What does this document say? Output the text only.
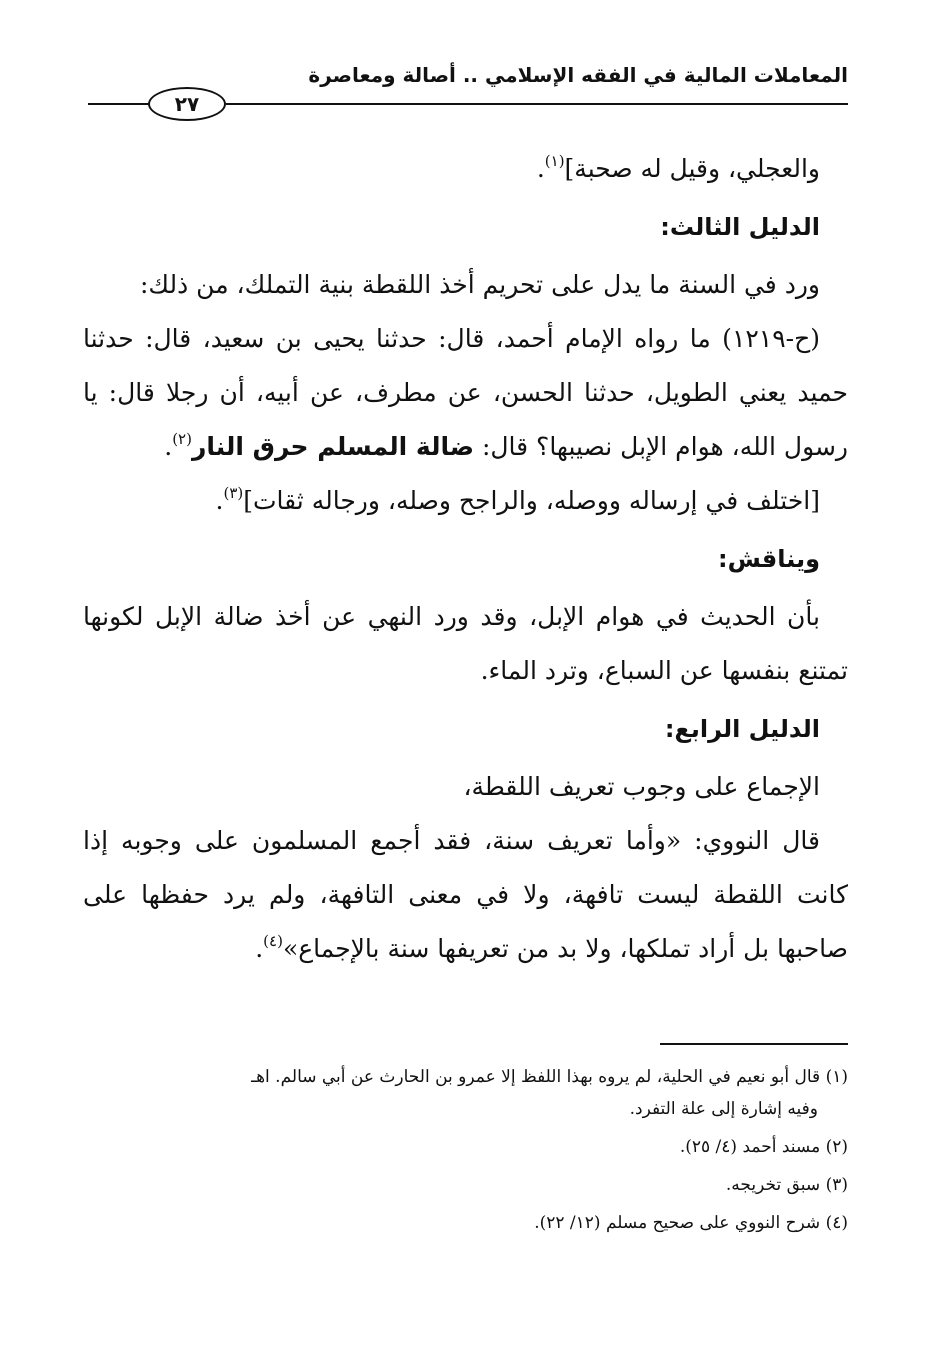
المعاملات المالية في الفقه الإسلامي .. أصالة ومعاصرة
٢٧

والعجلي، وقيل له صحبة]$^{(١)}$.

الدليل الثالث:

ورد في السنة ما يدل على تحريم أخذ اللقطة بنية التملك، من ذلك:

(ح-١٢١٩) ما رواه الإمام أحمد، قال: حدثنا يحيى بن سعيد، قال: حدثنا حميد يعني الطويل، حدثنا الحسن، عن مطرف، عن أبيه، أن رجلا قال: يا رسول الله، هوام الإبل نصيبها؟ قال: ضالة المسلم حرق النار$^{(٢)}$.

[اختلف في إرساله ووصله، والراجح وصله، ورجاله ثقات]$^{(٣)}$.

ويناقش:

بأن الحديث في هوام الإبل، وقد ورد النهي عن أخذ ضالة الإبل لكونها تمتنع بنفسها عن السباع، وترد الماء.

الدليل الرابع:

الإجماع على وجوب تعريف اللقطة،

قال النووي: «وأما تعريف سنة، فقد أجمع المسلمون على وجوبه إذا كانت اللقطة ليست تافهة، ولا في معنى التافهة، ولم يرد حفظها على صاحبها بل أراد تملكها، ولا بد من تعريفها سنة بالإجماع»$^{(٤)}$.

(١) قال أبو نعيم في الحلية، لم يروه بهذا اللفظ إلا عمرو بن الحارث عن أبي سالم. اهـ

وفيه إشارة إلى علة التفرد.

(٢) مسند أحمد (٤/ ٢٥).

(٣) سبق تخريجه.

(٤) شرح النووي على صحيح مسلم (١٢/ ٢٢).
